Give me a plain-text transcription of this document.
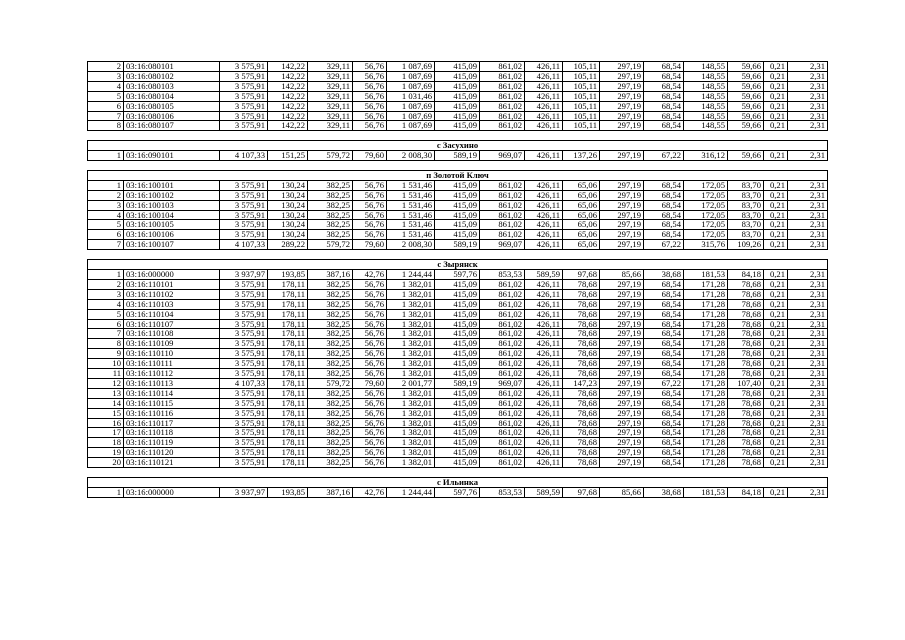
2	03:16:080101	3 575,91	142,22	329,11	56,76	1 087,69	415,09	861,02	426,11	105,11	297,19	68,54	148,55	59,66	0,21	2,31
3	03:16:080102	3 575,91	142,22	329,11	56,76	1 087,69	415,09	861,02	426,11	105,11	297,19	68,54	148,55	59,66	0,21	2,31
4	03:16:080103	3 575,91	142,22	329,11	56,76	1 087,69	415,09	861,02	426,11	105,11	297,19	68,54	148,55	59,66	0,21	2,31
5	03:16:080104	3 575,91	142,22	329,11	56,76	1 031,46	415,09	861,02	426,11	105,11	297,19	68,54	148,55	59,66	0,21	2,31
6	03:16:080105	3 575,91	142,22	329,11	56,76	1 087,69	415,09	861,02	426,11	105,11	297,19	68,54	148,55	59,66	0,21	2,31
7	03:16:080106	3 575,91	142,22	329,11	56,76	1 087,69	415,09	861,02	426,11	105,11	297,19	68,54	148,55	59,66	0,21	2,31
8	03:16:080107	3 575,91	142,22	329,11	56,76	1 087,69	415,09	861,02	426,11	105,11	297,19	68,54	148,55	59,66	0,21	2,31

с Засухино																
1	03:16:090101	4 107,33	151,25	579,72	79,60	2 008,30	589,19	969,07	426,11	137,26	297,19	67,22	316,12	59,66	0,21	2,31

п Золотой Ключ																
1	03:16:100101	3 575,91	130,24	382,25	56,76	1 531,46	415,09	861,02	426,11	65,06	297,19	68,54	172,05	83,70	0,21	2,31
2	03:16:100102	3 575,91	130,24	382,25	56,76	1 531,46	415,09	861,02	426,11	65,06	297,19	68,54	172,05	83,70	0,21	2,31
3	03:16:100103	3 575,91	130,24	382,25	56,76	1 531,46	415,09	861,02	426,11	65,06	297,19	68,54	172,05	83,70	0,21	2,31
4	03:16:100104	3 575,91	130,24	382,25	56,76	1 531,46	415,09	861,02	426,11	65,06	297,19	68,54	172,05	83,70	0,21	2,31
5	03:16:100105	3 575,91	130,24	382,25	56,76	1 531,46	415,09	861,02	426,11	65,06	297,19	68,54	172,05	83,70	0,21	2,31
6	03:16:100106	3 575,91	130,24	382,25	56,76	1 531,46	415,09	861,02	426,11	65,06	297,19	68,54	172,05	83,70	0,21	2,31
7	03:16:100107	4 107,33	289,22	579,72	79,60	2 008,30	589,19	969,07	426,11	65,06	297,19	67,22	315,76	109,26	0,21	2,31

с Зырянск																
1	03:16:000000	3 937,97	193,85	387,16	42,76	1 244,44	597,76	853,53	589,59	97,68	85,66	38,68	181,53	84,18	0,21	2,31
2	03:16:110101	3 575,91	178,11	382,25	56,76	1 382,01	415,09	861,02	426,11	78,68	297,19	68,54	171,28	78,68	0,21	2,31
3	03:16:110102	3 575,91	178,11	382,25	56,76	1 382,01	415,09	861,02	426,11	78,68	297,19	68,54	171,28	78,68	0,21	2,31
4	03:16:110103	3 575,91	178,11	382,25	56,76	1 382,01	415,09	861,02	426,11	78,68	297,19	68,54	171,28	78,68	0,21	2,31
5	03:16:110104	3 575,91	178,11	382,25	56,76	1 382,01	415,09	861,02	426,11	78,68	297,19	68,54	171,28	78,68	0,21	2,31
6	03:16:110107	3 575,91	178,11	382,25	56,76	1 382,01	415,09	861,02	426,11	78,68	297,19	68,54	171,28	78,68	0,21	2,31
7	03:16:110108	3 575,91	178,11	382,25	56,76	1 382,01	415,09	861,02	426,11	78,68	297,19	68,54	171,28	78,68	0,21	2,31
8	03:16:110109	3 575,91	178,11	382,25	56,76	1 382,01	415,09	861,02	426,11	78,68	297,19	68,54	171,28	78,68	0,21	2,31
9	03:16:110110	3 575,91	178,11	382,25	56,76	1 382,01	415,09	861,02	426,11	78,68	297,19	68,54	171,28	78,68	0,21	2,31
10	03:16:110111	3 575,91	178,11	382,25	56,76	1 382,01	415,09	861,02	426,11	78,68	297,19	68,54	171,28	78,68	0,21	2,31
11	03:16:110112	3 575,91	178,11	382,25	56,76	1 382,01	415,09	861,02	426,11	78,68	297,19	68,54	171,28	78,68	0,21	2,31
12	03:16:110113	4 107,33	178,11	579,72	79,60	2 001,77	589,19	969,07	426,11	147,23	297,19	67,22	171,28	107,40	0,21	2,31
13	03:16:110114	3 575,91	178,11	382,25	56,76	1 382,01	415,09	861,02	426,11	78,68	297,19	68,54	171,28	78,68	0,21	2,31
14	03:16:110115	3 575,91	178,11	382,25	56,76	1 382,01	415,09	861,02	426,11	78,68	297,19	68,54	171,28	78,68	0,21	2,31
15	03:16:110116	3 575,91	178,11	382,25	56,76	1 382,01	415,09	861,02	426,11	78,68	297,19	68,54	171,28	78,68	0,21	2,31
16	03:16:110117	3 575,91	178,11	382,25	56,76	1 382,01	415,09	861,02	426,11	78,68	297,19	68,54	171,28	78,68	0,21	2,31
17	03:16:110118	3 575,91	178,11	382,25	56,76	1 382,01	415,09	861,02	426,11	78,68	297,19	68,54	171,28	78,68	0,21	2,31
18	03:16:110119	3 575,91	178,11	382,25	56,76	1 382,01	415,09	861,02	426,11	78,68	297,19	68,54	171,28	78,68	0,21	2,31
19	03:16:110120	3 575,91	178,11	382,25	56,76	1 382,01	415,09	861,02	426,11	78,68	297,19	68,54	171,28	78,68	0,21	2,31
20	03:16:110121	3 575,91	178,11	382,25	56,76	1 382,01	415,09	861,02	426,11	78,68	297,19	68,54	171,28	78,68	0,21	2,31

с Ильинка																
1	03:16:000000	3 937,97	193,85	387,16	42,76	1 244,44	597,76	853,53	589,59	97,68	85,66	38,68	181,53	84,18	0,21	2,31
